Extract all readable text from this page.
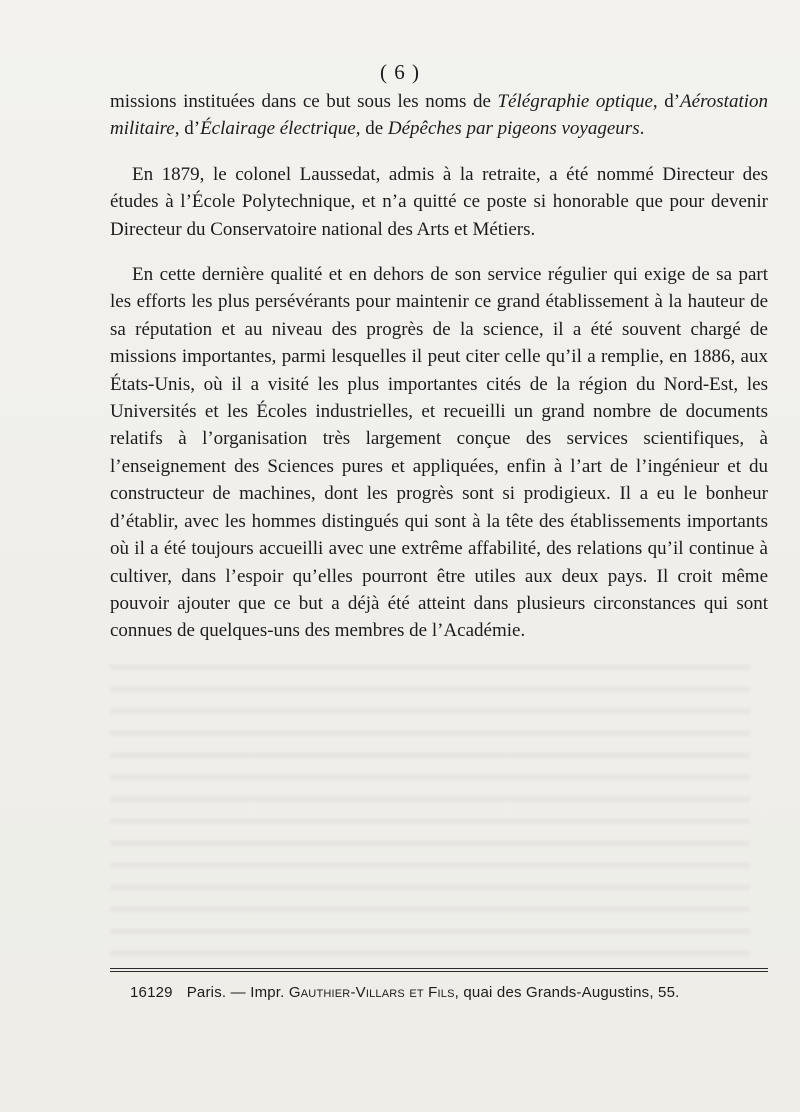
( 6 )

missions instituées dans ce but sous les noms de Télégraphie optique, d’Aérostation militaire, d’Éclairage électrique, de Dépêches par pigeons voyageurs.

En 1879, le colonel Laussedat, admis à la retraite, a été nommé Directeur des études à l’École Polytechnique, et n’a quitté ce poste si honorable que pour devenir Directeur du Conservatoire national des Arts et Métiers.

En cette dernière qualité et en dehors de son service régulier qui exige de sa part les efforts les plus persévérants pour maintenir ce grand établissement à la hauteur de sa réputation et au niveau des progrès de la science, il a été souvent chargé de missions importantes, parmi lesquelles il peut citer celle qu’il a remplie, en 1886, aux États-Unis, où il a visité les plus importantes cités de la région du Nord-Est, les Universités et les Écoles industrielles, et recueilli un grand nombre de documents relatifs à l’organisation très largement conçue des services scientifiques, à l’enseignement des Sciences pures et appliquées, enfin à l’art de l’ingénieur et du constructeur de machines, dont les progrès sont si prodigieux. Il a eu le bonheur d’établir, avec les hommes distingués qui sont à la tête des établissements importants où il a été toujours accueilli avec une extrême affabilité, des relations qu’il continue à cultiver, dans l’espoir qu’elles pourront être utiles aux deux pays. Il croit même pouvoir ajouter que ce but a déjà été atteint dans plusieurs circonstances qui sont connues de quelques-uns des membres de l’Académie.

16129 Paris. — Impr. Gauthier-Villars et Fils, quai des Grands-Augustins, 55.
